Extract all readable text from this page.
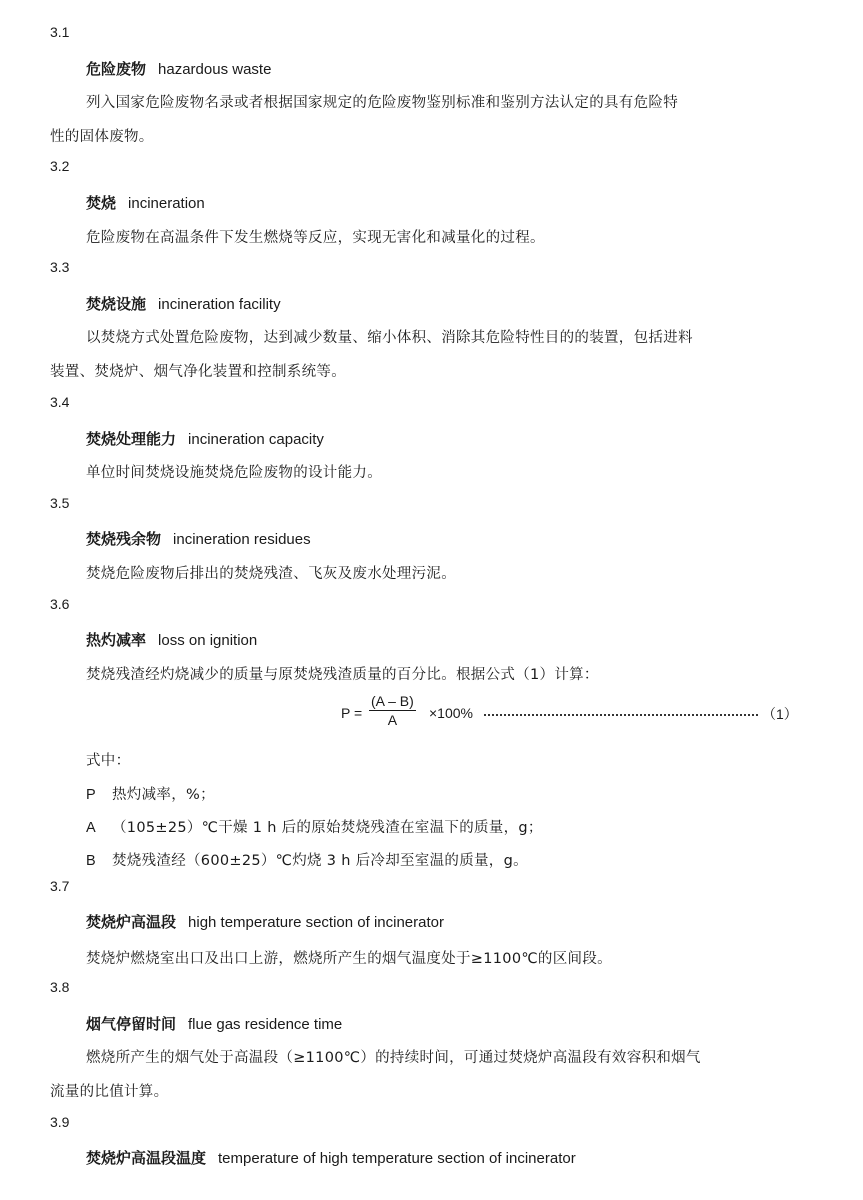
3.1
危险废物 hazardous waste
列入国家危险废物名录或者根据国家规定的危险废物鉴别标准和鉴别方法认定的具有危险特
性的固体废物。
3.2
焚烧 incineration
危险废物在高温条件下发生燃烧等反应，实现无害化和减量化的过程。
3.3
焚烧设施 incineration facility
以焚烧方式处置危险废物，达到减少数量、缩小体积、消除其危险特性目的的装置，包括进料
装置、焚烧炉、烟气净化装置和控制系统等。
3.4
焚烧处理能力 incineration capacity
单位时间焚烧设施焚烧危险废物的设计能力。
3.5
焚烧残余物 incineration residues
焚烧危险废物后排出的焚烧残渣、飞灰及废水处理污泥。
3.6
热灼减率 loss on ignition
焚烧残渣经灼烧减少的质量与原焚烧残渣质量的百分比。根据公式（1）计算：
$P = \frac{(A - B)}{A} \times 100\%$	（1）
式中：
P 热灼减率，%；
A （105±25）℃干燥 1 h 后的原始焚烧残渣在室温下的质量，g；
B 焚烧残渣经（600±25）℃灼烧 3 h 后冷却至室温的质量，g。
3.7
焚烧炉高温段 high temperature section of incinerator
焚烧炉燃烧室出口及出口上游，燃烧所产生的烟气温度处于≥1100℃的区间段。
3.8
烟气停留时间 flue gas residence time
燃烧所产生的烟气处于高温段（≥1100℃）的持续时间，可通过焚烧炉高温段有效容积和烟气
流量的比值计算。
3.9
焚烧炉高温段温度 temperature of high temperature section of incinerator
